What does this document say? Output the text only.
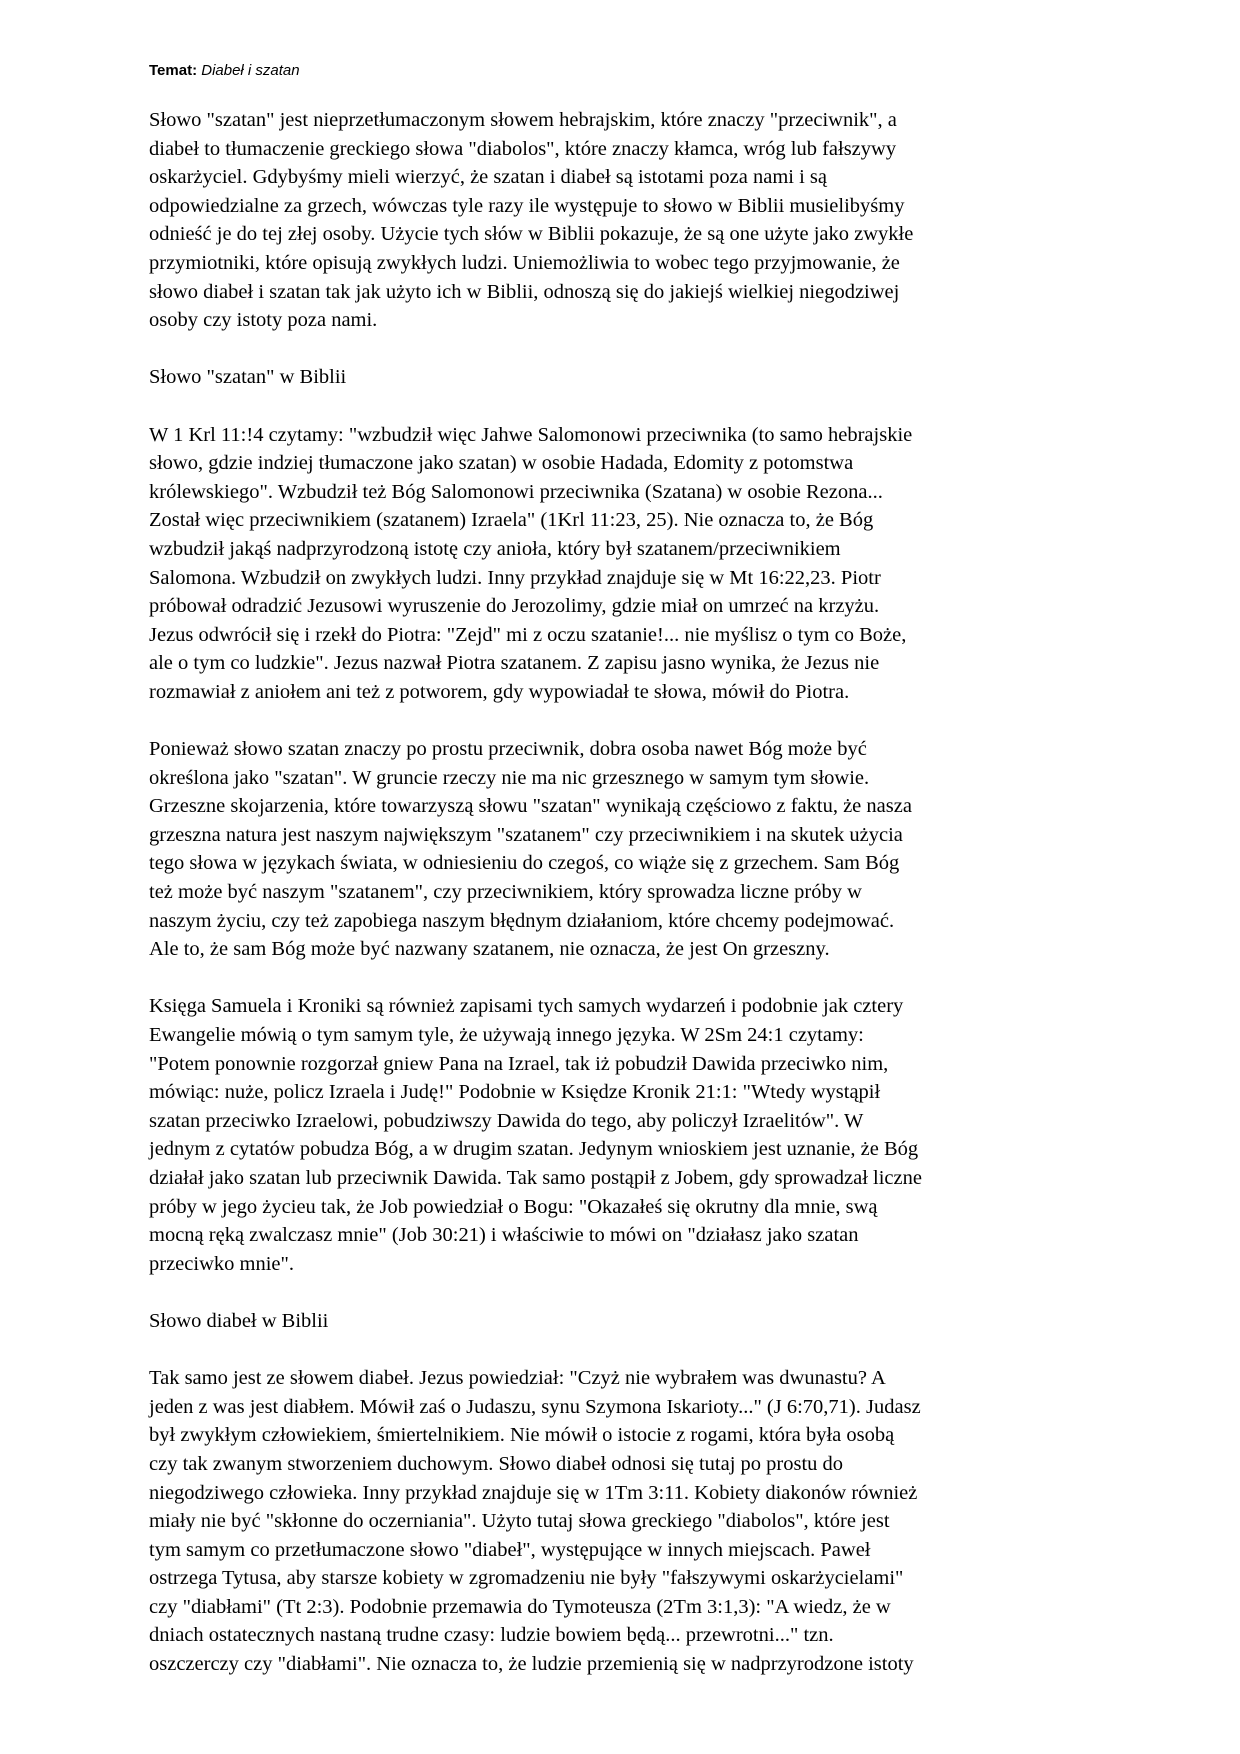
Temat: Diabeł i szatan
Słowo "szatan" jest nieprzetłumaczonym słowem hebrajskim, które znaczy "przeciwnik", a
diabeł to tłumaczenie greckiego słowa "diabolos", które znaczy kłamca, wróg lub fałszywy
oskarżyciel. Gdybyśmy mieli wierzyć, że szatan i diabeł są istotami poza nami i są
odpowiedzialne za grzech, wówczas tyle razy ile występuje to słowo w Biblii musielibyśmy
odnieść je do tej złej osoby. Użycie tych słów w Biblii pokazuje, że są one użyte jako zwykłe
przymiotniki, które opisują zwykłych ludzi. Uniemożliwia to wobec tego przyjmowanie, że
słowo diabeł i szatan tak jak użyto ich w Biblii, odnoszą się do jakiejś wielkiej niegodziwej
osoby czy istoty poza nami.
Słowo "szatan" w Biblii
W 1 Krl 11:!4 czytamy: "wzbudził więc Jahwe Salomonowi przeciwnika (to samo hebrajskie
słowo, gdzie indziej tłumaczone jako szatan) w osobie Hadada, Edomity z potomstwa
królewskiego". Wzbudził też Bóg Salomonowi przeciwnika (Szatana) w osobie Rezona...
Został więc przeciwnikiem (szatanem) Izraela" (1Krl 11:23, 25). Nie oznacza to, że Bóg
wzbudził jakąś nadprzyrodzoną istotę czy anioła, który był szatanem/przeciwnikiem
Salomona. Wzbudził on zwykłych ludzi. Inny przykład znajduje się w Mt 16:22,23. Piotr
próbował odradzić Jezusowi wyruszenie do Jerozolimy, gdzie miał on umrzeć na krzyżu.
Jezus odwrócił się i rzekł do Piotra: "Zejd" mi z oczu szatanie!... nie myślisz o tym co Boże,
ale o tym co ludzkie". Jezus nazwał Piotra szatanem. Z zapisu jasno wynika, że Jezus nie
rozmawiał z aniołem ani też z potworem, gdy wypowiadał te słowa, mówił do Piotra.
Ponieważ słowo szatan znaczy po prostu przeciwnik, dobra osoba nawet Bóg może być
określona jako "szatan". W gruncie rzeczy nie ma nic grzesznego w samym tym słowie.
Grzeszne skojarzenia, które towarzyszą słowu "szatan" wynikają częściowo z faktu, że nasza
grzeszna natura jest naszym największym "szatanem" czy przeciwnikiem i na skutek użycia
tego słowa w językach świata, w odniesieniu do czegoś, co wiąże się z grzechem. Sam Bóg
też może być naszym "szatanem", czy przeciwnikiem, który sprowadza liczne próby w
naszym życiu, czy też zapobiega naszym błędnym działaniom, które chcemy podejmować.
Ale to, że sam Bóg może być nazwany szatanem, nie oznacza, że jest On grzeszny.
Księga Samuela i Kroniki są również zapisami tych samych wydarzeń i podobnie jak cztery
Ewangelie mówią o tym samym tyle, że używają innego języka. W 2Sm 24:1 czytamy:
"Potem ponownie rozgorzał gniew Pana na Izrael, tak iż pobudził Dawida przeciwko nim,
mówiąc: nuże, policz Izraela i Judę!" Podobnie w Księdze Kronik 21:1: "Wtedy wystąpił
szatan przeciwko Izraelowi, pobudziwszy Dawida do tego, aby policzył Izraelitów". W
jednym z cytatów pobudza Bóg, a w drugim szatan. Jedynym wnioskiem jest uznanie, że Bóg
działał jako szatan lub przeciwnik Dawida. Tak samo postąpił z Jobem, gdy sprowadzał liczne
próby w jego życieu tak, że Job powiedział o Bogu: "Okazałeś się okrutny dla mnie, swą
mocną ręką zwalczasz mnie" (Job 30:21) i właściwie to mówi on "działasz jako szatan
przeciwko mnie".
Słowo diabeł w Biblii
Tak samo jest ze słowem diabeł. Jezus powiedział: "Czyż nie wybrałem was dwunastu? A
jeden z was jest diabłem. Mówił zaś o Judaszu, synu Szymona Iskarioty..." (J 6:70,71). Judasz
był zwykłym człowiekiem, śmiertelnikiem. Nie mówił o istocie z rogami, która była osobą
czy tak zwanym stworzeniem duchowym. Słowo diabeł odnosi się tutaj po prostu do
niegodziwego człowieka. Inny przykład znajduje się w 1Tm 3:11. Kobiety diakonów również
miały nie być "skłonne do oczerniania". Użyto tutaj słowa greckiego "diabolos", które jest
tym samym co przetłumaczone słowo "diabeł", występujące w innych miejscach. Paweł
ostrzega Tytusa, aby starsze kobiety w zgromadzeniu nie były "fałszywymi oskarżycielami"
czy "diabłami" (Tt 2:3). Podobnie przemawia do Tymoteusza (2Tm 3:1,3): "A wiedz, że w
dniach ostatecznych nastaną trudne czasy: ludzie bowiem będą... przewrotni..." tzn.
oszczerczy czy "diabłami". Nie oznacza to, że ludzie przemienią się w nadprzyrodzone istoty
